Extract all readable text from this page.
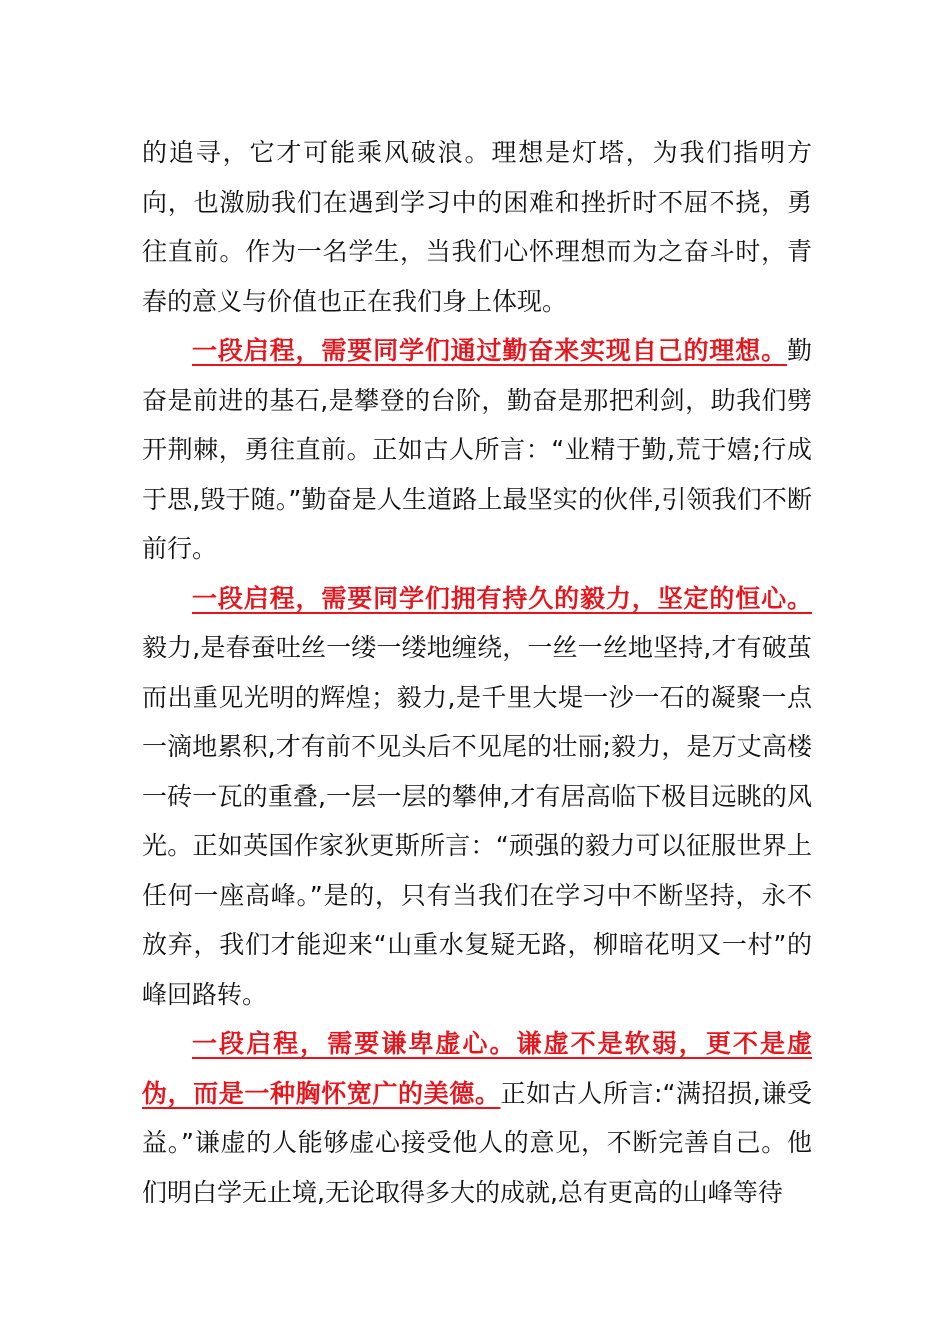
的追寻，它才可能乘风破浪。理想是灯塔，为我们指明方向，也激励我们在遇到学习中的困难和挫折时不屈不挠，勇往直前。作为一名学生，当我们心怀理想而为之奋斗时，青春的意义与价值也正在我们身上体现。

一段启程，需要同学们通过勤奋来实现自己的理想。勤奋是前进的基石,是攀登的台阶，勤奋是那把利剑，助我们劈开荆棘，勇往直前。正如古人所言：“业精于勤,荒于嬉;行成于思,毁于随。”勤奋是人生道路上最坚实的伙伴,引领我们不断前行。

一段启程，需要同学们拥有持久的毅力，坚定的恒心。毅力,是春蚕吐丝一缕一缕地缠绕，一丝一丝地坚持,才有破茧而出重见光明的辉煌；毅力,是千里大堤一沙一石的凝聚一点一滴地累积,才有前不见头后不见尾的壮丽;毅力，是万丈高楼一砖一瓦的重叠,一层一层的攀伸,才有居高临下极目远眺的风光。正如英国作家狄更斯所言：“顽强的毅力可以征服世界上任何一座高峰。”是的，只有当我们在学习中不断坚持，永不放弃，我们才能迎来“山重水复疑无路，柳暗花明又一村”的峰回路转。

一段启程，需要谦卑虚心。谦虚不是软弱，更不是虚伪，而是一种胸怀宽广的美德。正如古人所言:“满招损,谦受益。”谦虚的人能够虚心接受他人的意见，不断完善自己。他们明白学无止境,无论取得多大的成就,总有更高的山峰等待
